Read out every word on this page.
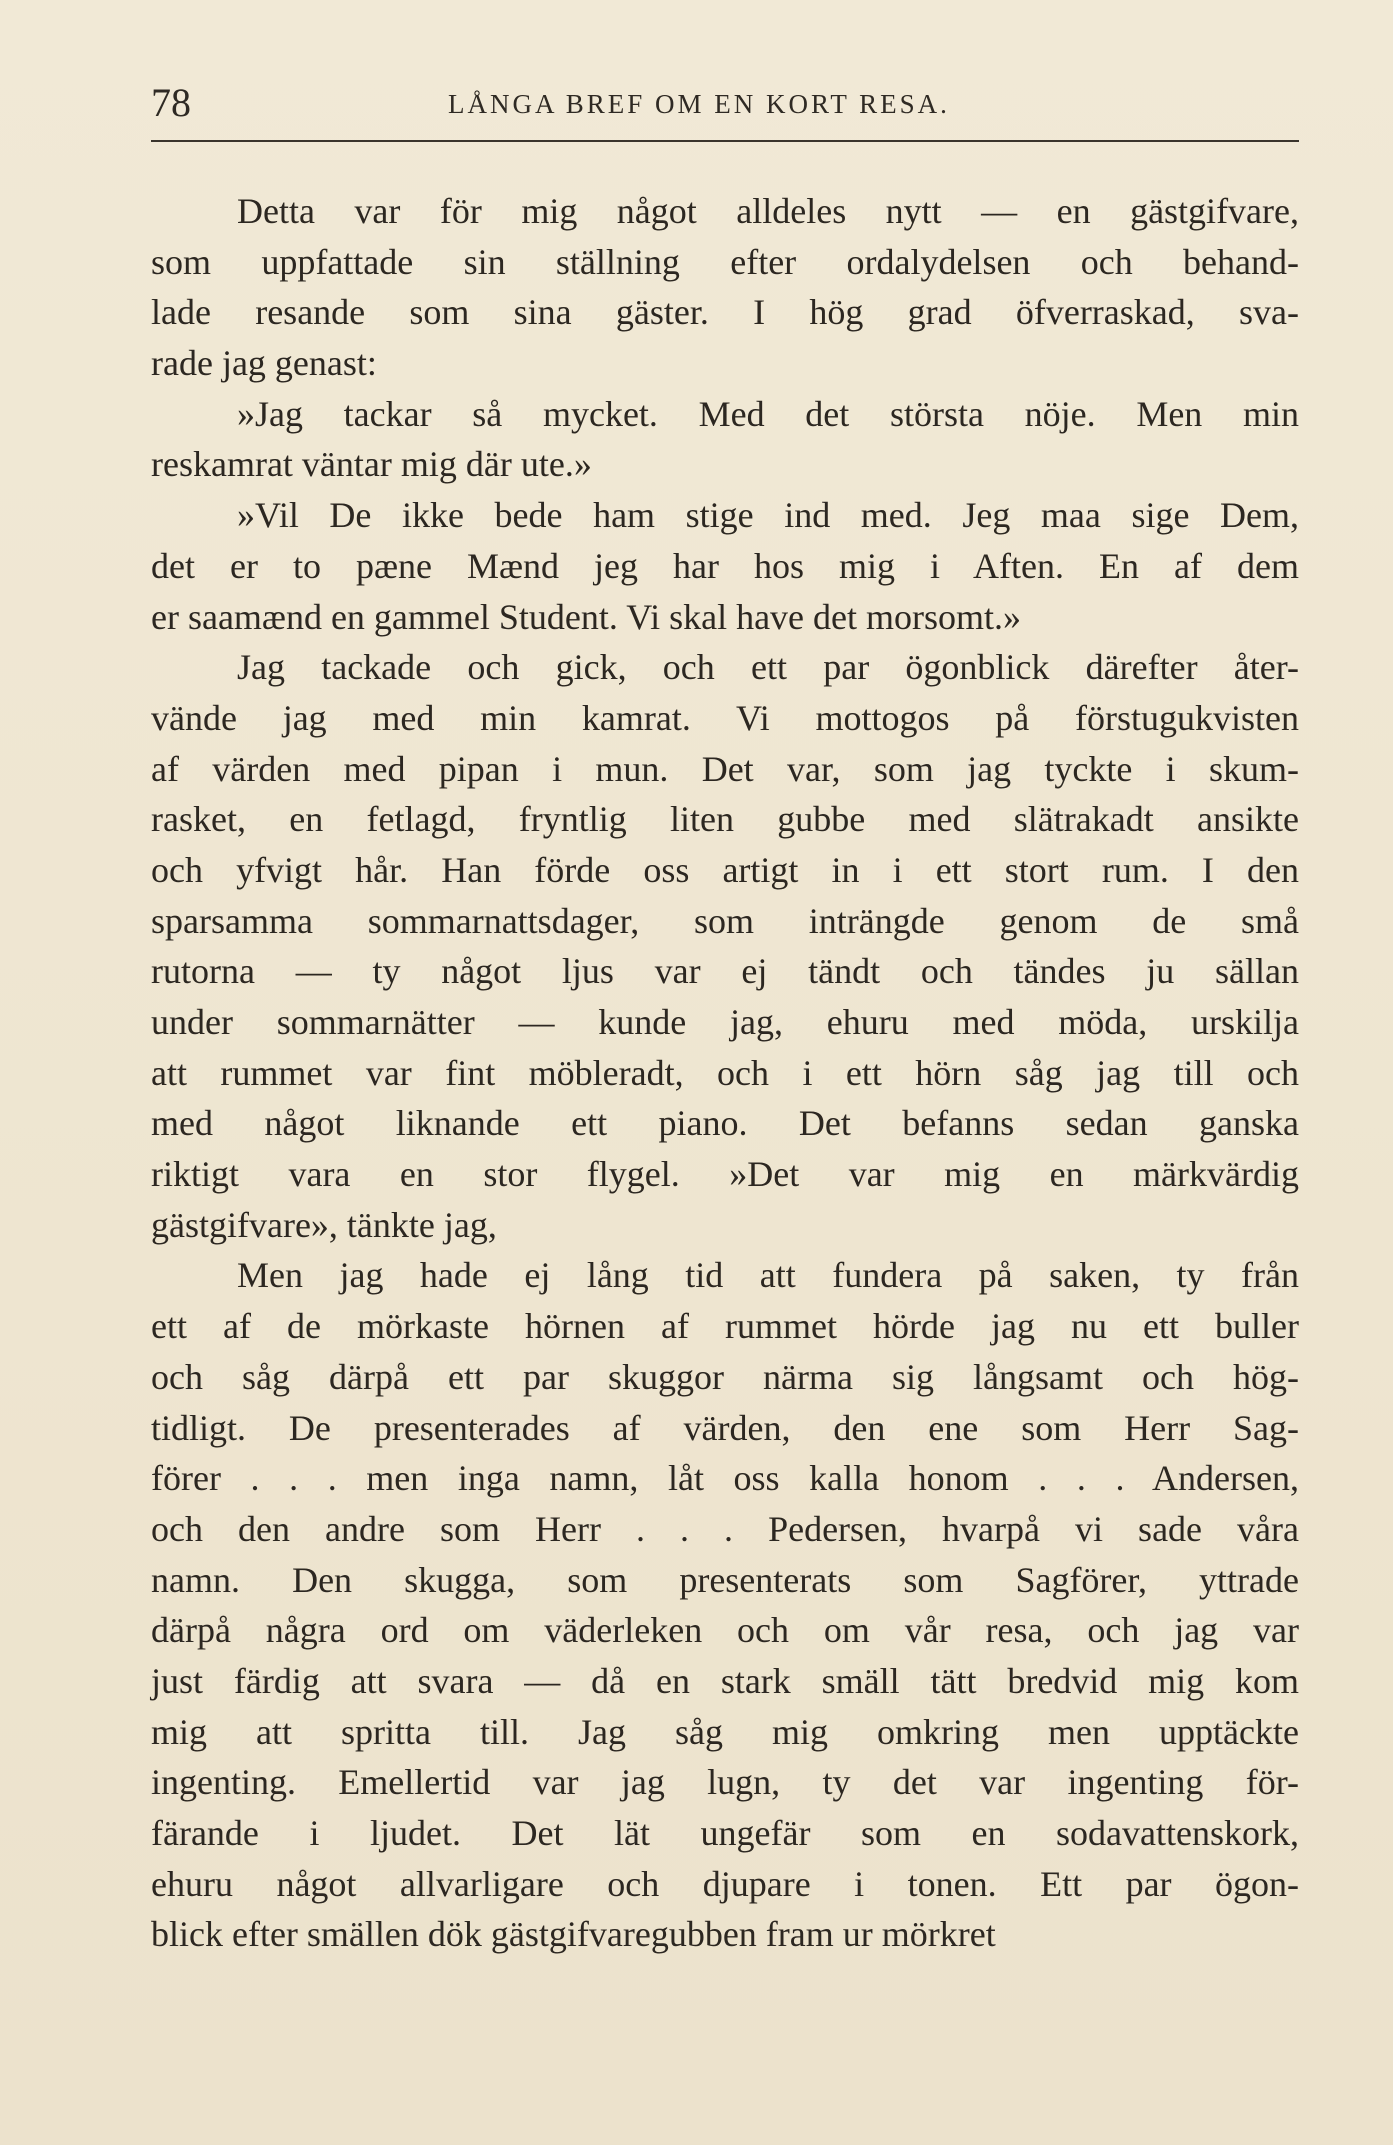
78	LÅNGA BREF OM EN KORT RESA.
Detta var för mig något alldeles nytt — en gästgifvare,
som uppfattade sin ställning efter ordalydelsen och behand-
lade resande som sina gäster. I hög grad öfverraskad, sva-
rade jag genast:
»Jag tackar så mycket. Med det största nöje. Men min
reskamrat väntar mig där ute.»
»Vil De ikke bede ham stige ind med. Jeg maa sige Dem,
det er to pæne Mænd jeg har hos mig i Aften. En af dem
er saamænd en gammel Student. Vi skal have det morsomt.»
Jag tackade och gick, och ett par ögonblick därefter åter-
vände jag med min kamrat. Vi mottogos på förstugukvisten
af värden med pipan i mun. Det var, som jag tyckte i skum-
rasket, en fetlagd, fryntlig liten gubbe med slätrakadt ansikte
och yfvigt hår. Han förde oss artigt in i ett stort rum. I den
sparsamma sommarnattsdager, som inträngde genom de små
rutorna — ty något ljus var ej tändt och tändes ju sällan
under sommarnätter — kunde jag, ehuru med möda, urskilja
att rummet var fint möbleradt, och i ett hörn såg jag till och
med något liknande ett piano. Det befanns sedan ganska
riktigt vara en stor flygel. »Det var mig en märkvärdig
gästgifvare», tänkte jag,
Men jag hade ej lång tid att fundera på saken, ty från
ett af de mörkaste hörnen af rummet hörde jag nu ett buller
och såg därpå ett par skuggor närma sig långsamt och hög-
tidligt. De presenterades af värden, den ene som Herr Sag-
förer . . . men inga namn, låt oss kalla honom . . . Andersen,
och den andre som Herr . . . Pedersen, hvarpå vi sade våra
namn. Den skugga, som presenterats som Sagförer, yttrade
därpå några ord om väderleken och om vår resa, och jag var
just färdig att svara — då en stark smäll tätt bredvid mig kom
mig att spritta till. Jag såg mig omkring men upptäckte
ingenting. Emellertid var jag lugn, ty det var ingenting för-
färande i ljudet. Det lät ungefär som en sodavattenskork,
ehuru något allvarligare och djupare i tonen. Ett par ögon-
blick efter smällen dök gästgifvaregubben fram ur mörkret
